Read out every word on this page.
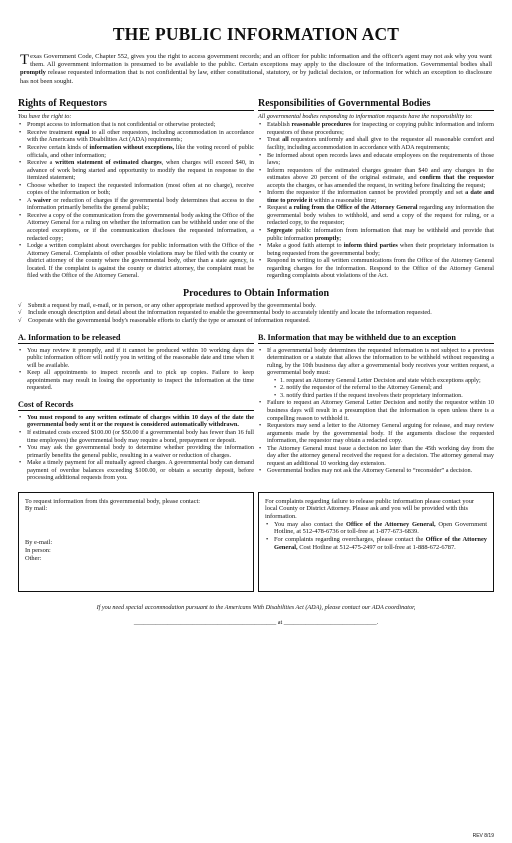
THE PUBLIC INFORMATION ACT
Texas Government Code, Chapter 552, gives you the right to access government records; and an officer for public information and the officer's agent may not ask why you want them. All government information is presumed to be available to the public. Certain exceptions may apply to the disclosure of the information. Governmental bodies shall promptly release requested information that is not confidential by law, either constitutional, statutory, or by judicial decision, or information for which an exception to disclosure has not been sought.
Rights of Requestors
You have the right to:
• Prompt access to information that is not confidential or otherwise protected;
• Receive treatment equal to all other requestors, including accommodation in accordance with the Americans with Disabilities Act (ADA) requirements;
• Receive certain kinds of information without exceptions, like the voting record of public officials, and other information;
• Receive a written statement of estimated charges, when charges will exceed $40, in advance of work being started and opportunity to modify the request in response to the itemized statement;
• Choose whether to inspect the requested information (most often at no charge), receive copies of the information or both;
• A waiver or reduction of charges if the governmental body determines that access to the information primarily benefits the general public;
• Receive a copy of the communication from the governmental body asking the Office of the Attorney General for a ruling on whether the information can be withheld under one of the accepted exceptions, or if the communication discloses the requested information, a redacted copy;
• Lodge a written complaint about overcharges for public information with the Office of the Attorney General. Complaints of other possible violations may be filed with the county or district attorney of the county where the governmental body, other than a state agency, is located. If the complaint is against the county or district attorney, the complaint must be filed with the Office of the Attorney General.
Responsibilities of Governmental Bodies
All governmental bodies responding to information requests have the responsibility to:
• Establish reasonable procedures for inspecting or copying public information and inform requestors of these procedures;
• Treat all requestors uniformly and shall give to the requestor all reasonable comfort and facility, including accommodation in accordance with ADA requirements;
• Be informed about open records laws and educate employees on the requirements of those laws;
• Inform requestors of the estimated charges greater than $40 and any changes in the estimates above 20 percent of the original estimate, and confirm that the requestor accepts the charges, or has amended the request, in writing before finalizing the request;
• Inform the requestor if the information cannot be provided promptly and set a date and time to provide it within a reasonable time;
• Request a ruling from the Office of the Attorney General regarding any information the governmental body wishes to withhold, and send a copy of the request for ruling, or a redacted copy, to the requestor;
• Segregate public information from information that may be withheld and provide that public information promptly;
• Make a good faith attempt to inform third parties when their proprietary information is being requested from the governmental body;
• Respond in writing to all written communications from the Office of the Attorney General regarding charges for the information. Respond to the Office of the Attorney General regarding complaints about violations of the Act.
Procedures to Obtain Information
√ Submit a request by mail, e-mail, or in person, or any other appropriate method approved by the governmental body.
√ Include enough description and detail about the information requested to enable the governmental body to accurately identify and locate the information requested.
√ Cooperate with the governmental body's reasonable efforts to clarify the type or amount of information requested.
A. Information to be released
• You may review it promptly, and if it cannot be produced within 10 working days the public information officer will notify you in writing of the reasonable date and time when it will be available.
• Keep all appointments to inspect records and to pick up copies. Failure to keep appointments may result in losing the opportunity to inspect the information at the time requested.
Cost of Records
• You must respond to any written estimate of charges within 10 days of the date the governmental body sent it or the request is considered automatically withdrawn.
• If estimated costs exceed $100.00 (or $50.00 if a governmental body has fewer than 16 full time employees) the governmental body may require a bond, prepayment or deposit.
• You may ask the governmental body to determine whether providing the information primarily benefits the general public, resulting in a waiver or reduction of charges.
• Make a timely payment for all mutually agreed charges. A governmental body can demand payment of overdue balances exceeding $100.00, or obtain a security deposit, before processing additional requests from you.
B. Information that may be withheld due to an exception
• If a governmental body determines the requested information is not subject to a previous determination or a statute that allows the information to be withheld without requesting a ruling, by the 10th business day after a governmental body receives your written request, a governmental body must:
• 1. request an Attorney General Letter Decision and state which exceptions apply;
• 2. notify the requestor of the referral to the Attorney General; and
• 3. notify third parties if the request involves their proprietary information.
• Failure to request an Attorney General Letter Decision and notify the requestor within 10 business days will result in a presumption that the information is open unless there is a compelling reason to withhold it.
• Requestors may send a letter to the Attorney General arguing for release, and may review arguments made by the governmental body. If the arguments disclose the requested information, the requestor may obtain a redacted copy.
• The Attorney General must issue a decision no later than the 45th working day from the day after the attorney general received the request for a decision. The attorney general may request an additional 10 working day extension.
• Governmental bodies may not ask the Attorney General to “reconsider” a decision.
To request information from this governmental body, please contact:
By mail:
By e-mail:
In person:
Other:
For complaints regarding failure to release public information please contact your local County or District Attorney. Please ask and you will be provided with this information.
• You may also contact the Office of the Attorney General, Open Government Hotline, at 512-478-6736 or toll-free at 1-877-673-6839.
• For complaints regarding overcharges, please contact the Office of the Attorney General, Cost Hotline at 512-475-2497 or toll-free at 1-888-672-6787.
If you need special accommodation pursuant to the Americans With Disabilities Act (ADA), please contact our ADA coordinator,
______________________________________________ at ______________________________.
REV 8/19
